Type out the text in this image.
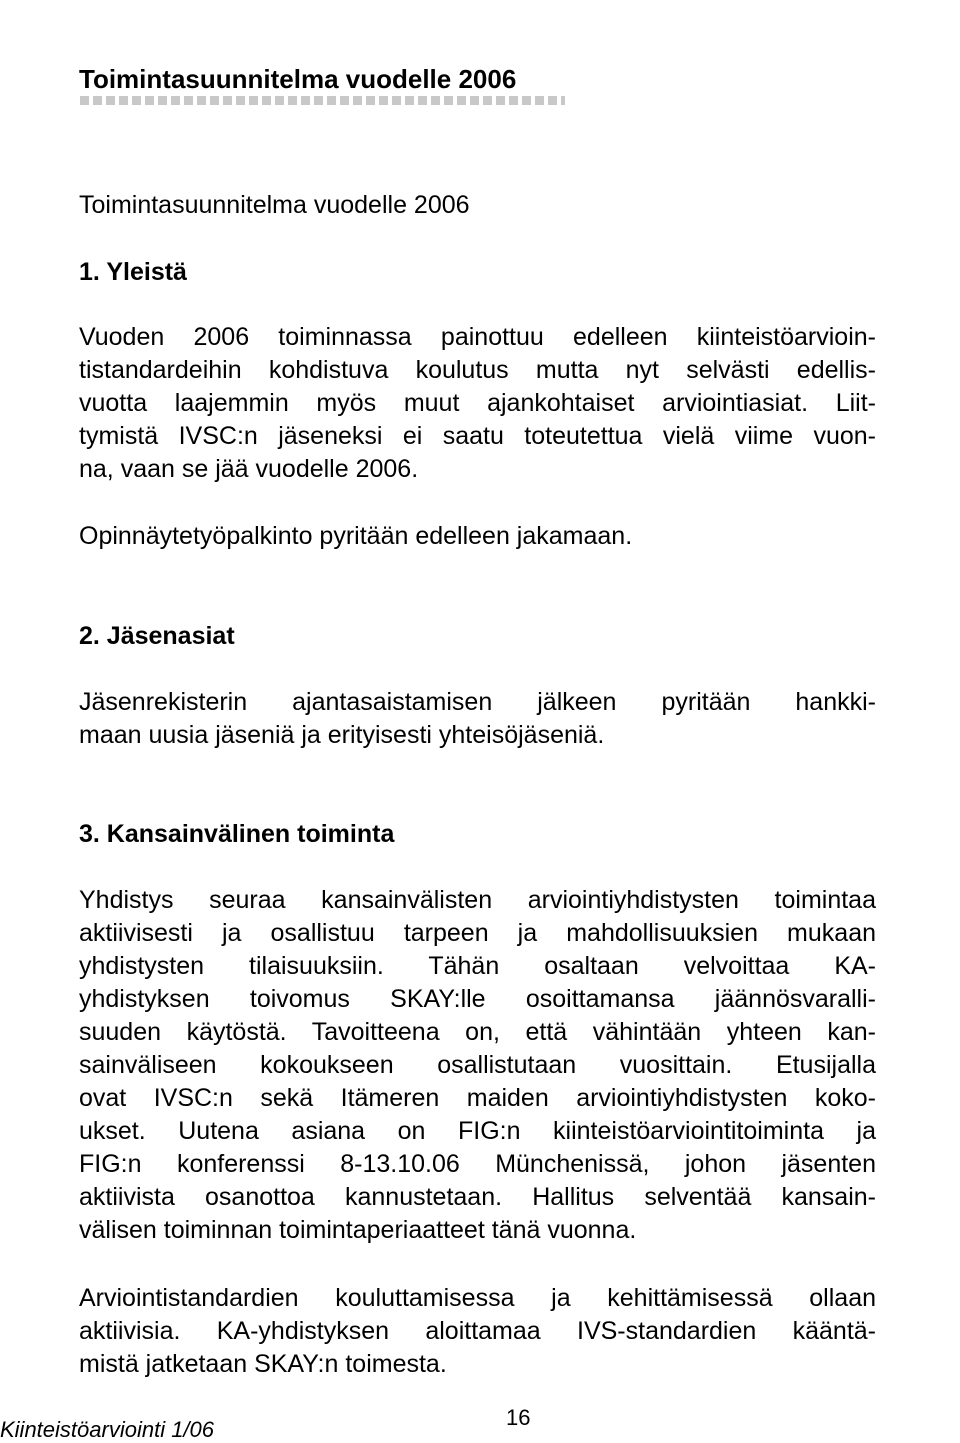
Toimintasuunnitelma vuodelle 2006
Toimintasuunnitelma vuodelle 2006
1. Yleistä
Vuoden 2006 toiminnassa painottuu edelleen kiinteistöarvioin-
tistandardeihin kohdistuva koulutus mutta nyt selvästi edellis-
vuotta laajemmin myös muut ajankohtaiset arviointiasiat. Liit-
tymistä IVSC:n jäseneksi ei saatu toteutettua vielä viime vuon-
na, vaan se jää vuodelle 2006.
Opinnäytetyöpalkinto pyritään edelleen jakamaan.
2. Jäsenasiat
Jäsenrekisterin ajantasaistamisen jälkeen pyritään hankki-
maan uusia jäseniä ja erityisesti yhteisöjäseniä.
3. Kansainvälinen toiminta
Yhdistys seuraa kansainvälisten arviointiyhdistysten toimintaa
aktiivisesti ja osallistuu tarpeen ja mahdollisuuksien mukaan
yhdistysten tilaisuuksiin. Tähän osaltaan velvoittaa KA-
yhdistyksen toivomus SKAY:lle osoittamansa jäännösvaralli-
suuden käytöstä. Tavoitteena on, että vähintään yhteen kan-
sainväliseen kokoukseen osallistutaan vuosittain. Etusijalla
ovat IVSC:n sekä Itämeren maiden arviointiyhdistysten koko-
ukset. Uutena asiana on FIG:n kiinteistöarviointitoiminta ja
FIG:n konferenssi 8-13.10.06 Münchenissä, johon jäsenten
aktiivista osanottoa kannustetaan. Hallitus selventää kansain-
välisen toiminnan toimintaperiaatteet tänä vuonna.
Arviointistandardien kouluttamisessa ja kehittämisessä ollaan
aktiivisia. KA-yhdistyksen aloittamaa IVS-standardien kääntä-
mistä jatketaan SKAY:n toimesta.
Kiinteistöarviointi 1/06	16
